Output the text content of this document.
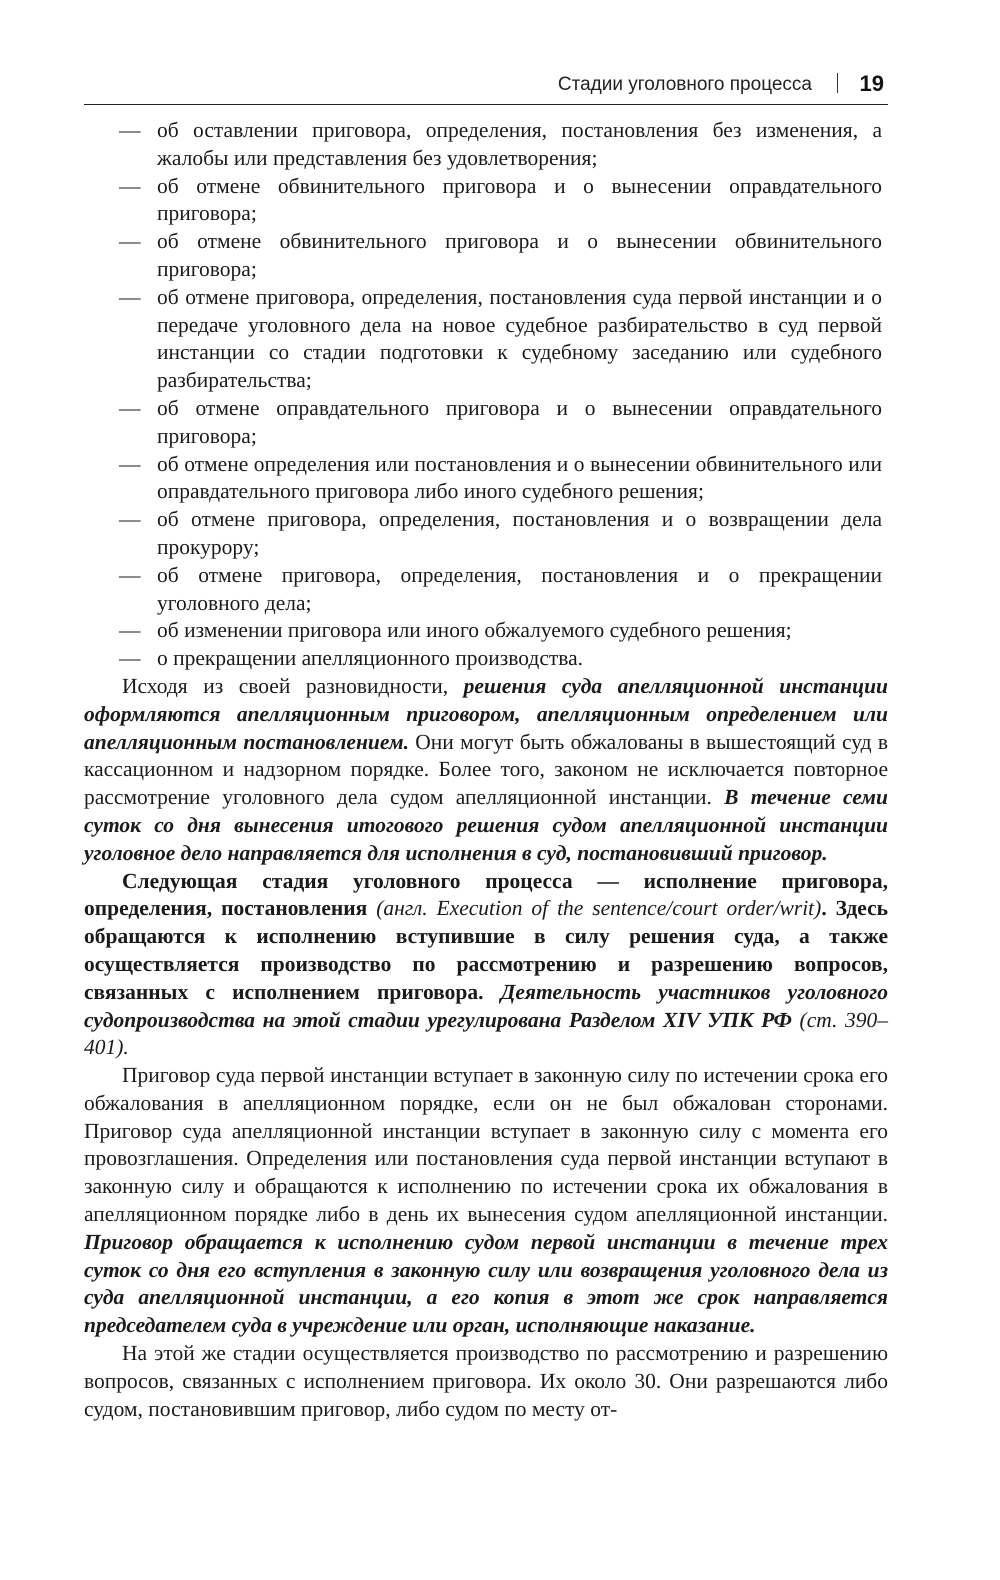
Стадии уголовного процесса 19
— об оставлении приговора, определения, постановления без изменения, а жалобы или представления без удовлетворения;
— об отмене обвинительного приговора и о вынесении оправдательного приговора;
— об отмене обвинительного приговора и о вынесении обвинительного приговора;
— об отмене приговора, определения, постановления суда первой инстанции и о передаче уголовного дела на новое судебное разбирательство в суд первой инстанции со стадии подготовки к судебному заседанию или судебного разбирательства;
— об отмене оправдательного приговора и о вынесении оправдательного приговора;
— об отмене определения или постановления и о вынесении обвинительного или оправдательного приговора либо иного судебного решения;
— об отмене приговора, определения, постановления и о возвращении дела прокурору;
— об отмене приговора, определения, постановления и о прекращении уголовного дела;
— об изменении приговора или иного обжалуемого судебного решения;
— о прекращении апелляционного производства.

Исходя из своей разновидности, решения суда апелляционной инстанции оформляются апелляционным приговором, апелляционным определением или апелляционным постановлением. Они могут быть обжалованы в вышестоящий суд в кассационном и надзорном порядке. Более того, законом не исключается повторное рассмотрение уголовного дела судом апелляционной инстанции. В течение семи суток со дня вынесения итогового решения судом апелляционной инстанции уголовное дело направляется для исполнения в суд, постановивший приговор.

Следующая стадия уголовного процесса — исполнение приговора, определения, постановления (англ. Execution of the sentence/court order/writ). Здесь обращаются к исполнению вступившие в силу решения суда, а также осуществляется производство по рассмотрению и разрешению вопросов, связанных с исполнением приговора. Деятельность участников уголовного судопроизводства на этой стадии урегулирована Разделом XIV УПК РФ (ст. 390–401).

Приговор суда первой инстанции вступает в законную силу по истечении срока его обжалования в апелляционном порядке, если он не был обжалован сторонами. Приговор суда апелляционной инстанции вступает в законную силу с момента его провозглашения. Определения или постановления суда первой инстанции вступают в законную силу и обращаются к исполнению по истечении срока их обжалования в апелляционном порядке либо в день их вынесения судом апелляционной инстанции. Приговор обращается к исполнению судом первой инстанции в течение трех суток со дня его вступления в законную силу или возвращения уголовного дела из суда апелляционной инстанции, а его копия в этот же срок направляется председателем суда в учреждение или орган, исполняющие наказание.

На этой же стадии осуществляется производство по рассмотрению и разрешению вопросов, связанных с исполнением приговора. Их около 30. Они разрешаются либо судом, постановившим приговор, либо судом по месту от-
